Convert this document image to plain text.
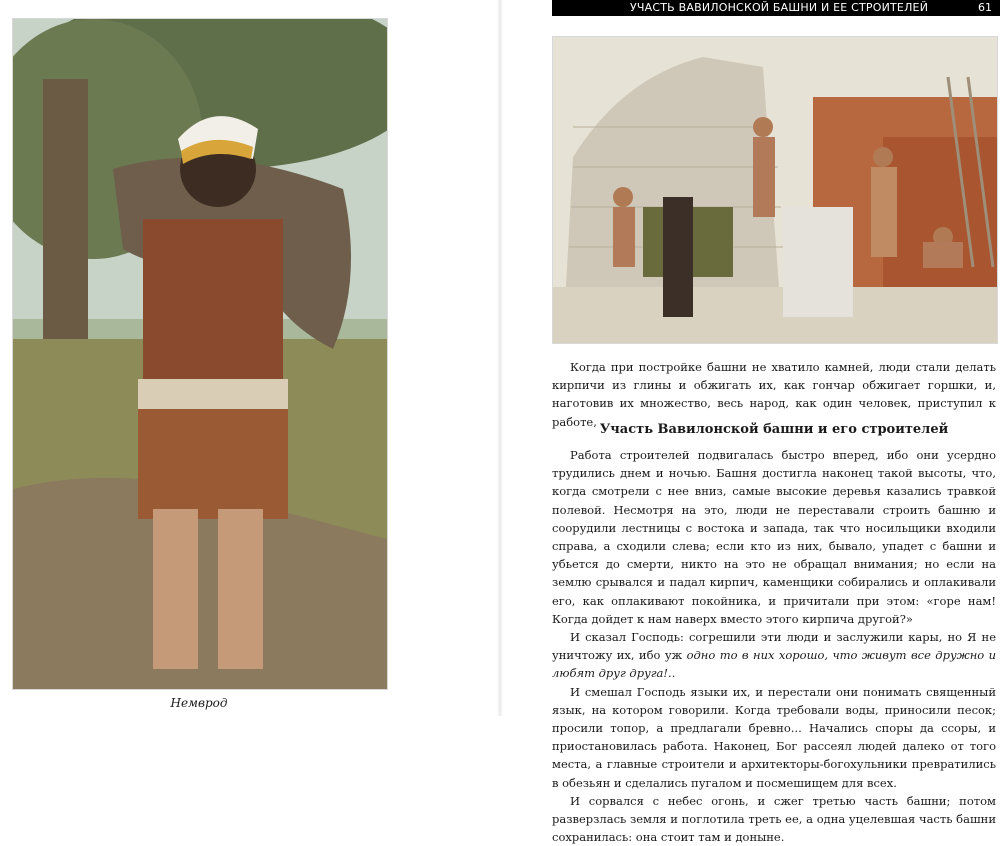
Немврод
УЧАСТЬ ВАВИЛОНСКОЙ БАШНИ И ЕЕ СТРОИТЕЛЕЙ	61

Когда при постройке башни не хватило камней, люди стали делать кирпичи из глины и обжигать их, как гончар обжигает горшки, и, наготовив их множество, весь народ, как один человек, приступил к работе,

Участь Вавилонской башни и его строителей

Работа строителей подвигалась быстро вперед, ибо они усердно трудились днем и ночью. Башня достигла наконец такой высоты, что, когда смотрели с нее вниз, самые высокие деревья казались травкой полевой. Несмотря на это, люди не переставали строить башню и соорудили лестницы с востока и запада, так что носильщики входили справа, а сходили слева; если кто из них, бывало, упадет с башни и убьется до смерти, никто на это не обращал внимания; но если на землю срывался и падал кирпич, каменщики собирались и оплакивали его, как оплакивают покойника, и причитали при этом: «горе нам! Когда дойдет к нам наверх вместо этого кирпича другой?»

И сказал Господь: согрешили эти люди и заслужили кары, но Я не уничтожу их, ибо уж одно то в них хорошо, что живут все дружно и любят друг друга!..

И смешал Господь языки их, и перестали они понимать священный язык, на котором говорили. Когда требовали воды, приносили песок; просили топор, а предлагали бревно... Начались споры да ссоры, и приостановилась работа. Наконец, Бог рассеял людей далеко от того места, а главные строители и архитекторы-богохульники превратились в обезьян и сделались пугалом и посмешищем для всех.

И сорвался с небес огонь, и сжег третью часть башни; потом разверзлась земля и поглотила треть ее, а одна уцелевшая часть башни сохранилась: она стоит там и доныне.
